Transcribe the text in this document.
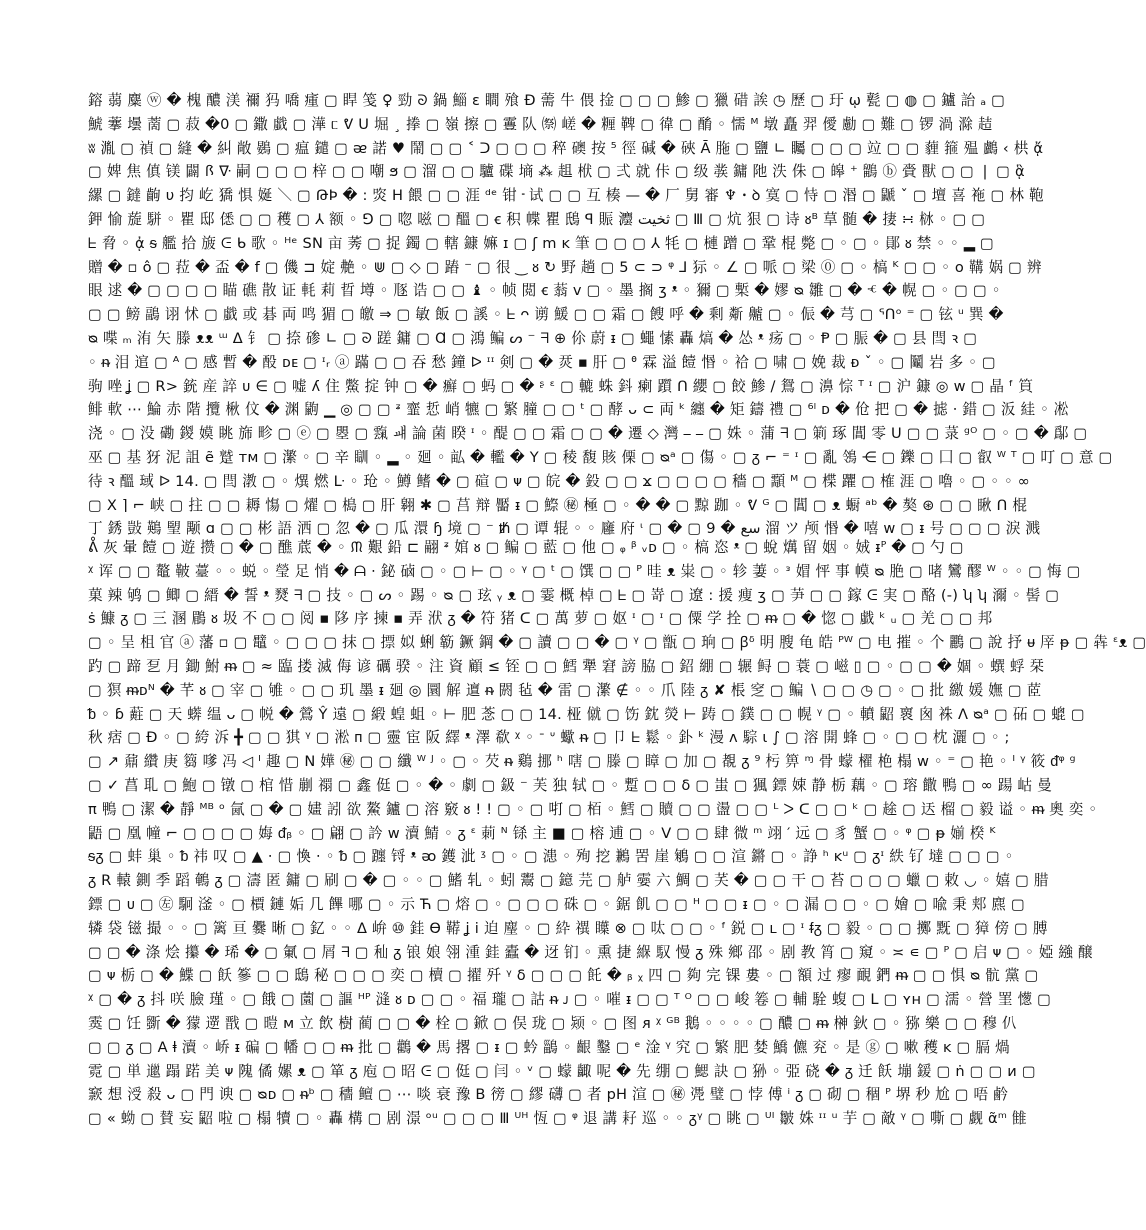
鎔 蒻 麋 ⓦ � 槐 醲 渼 禰 犸 嘺 瘇 ▢ 睅 笺 ♀ 勁 ᘐ 鍋 鯔 ɛ 瞷 飱 Ð 薷 牛 偎 捦 ▢ ▢ ▢ 鯵 ▢ 獵 碏 誒 ◷ 歷 ▢ 玗 ῳ 甏 ▢ ◍ ▢ 鑪 詒 ₐ ▢
鯱 藆 壜 蔐 ▢ 菽 �0 ▢ 鏾 戱 ▢ 澕 ᥴ ᕓ ᑌ 堀 ¸ 搼 ▢ 嶺 擦 ▢ 霻 队 ㉀ 嵯 � 糎 鞞 ▢ 徫 ▢ 酳 ◦ 懦 ᴹ 墩 矗 羿 僾 勴 ▢ 難 ▢ 锣 渦 滁 趌
ʬ 湚 ▢ 禎 ▢ 縫 � 糾 敞 鷃 ▢ 瘟 鑓 ▢ ᴂ 諾 ♥ 鬧 ▢ ▢ ˂ ᑐ ▢ ▢ ▢ 稡 礇 按 ⁵ 徑 碱 � 硤 Ā 胣 ▢ 鹽 ∟ 矚 ▢ ▢ ▢ 竝 ▢ ▢ 薶 箍 殟 鸕 ‹ 栱 ᾄ
▢ 婢 焦 傎 镁 闢 ꟗ ᐍ 嗣 ▢ ▢ ▢ 梓 ▢ ▢ 嘲 ϧ ▢ 溜 ▢ ▢ 驢 碟 墒 ⁂ 趄 栿 ▢ 弍 就 佧 ▢ 级 彂 鏞 阤 泆 侏 ▢ 皞 ⁺ 鶹 ⓑ 賫 獸 ▢ ▢ ❘ ▢ ᾃ
縲 ▢ 鐽 齣 υ 抣 屹 獢 惧 娫 ＼ ▢ ԹÞ � : 焁 H 餵 ▢ ▢ 涯 ᵈᵉ 钳 ᠊ 试 ▢ ▢ 互 楱 — � 厂 舅 審 ♆ ꞏ ꝺ 寞 ▢ 恃 ▢ 湣 ▢ 鼶 ˇ ▢ 壇 喜 袘 ▢ 林 鞄
鉀 愉 蔙 駢 ◦ 瞿 邸 僁 ▢ ▢ 穫 ▢ ⅄ 额 ◦ ⅁ ▢ 唿 嗞 ▢ 醞 ▢ ꞓ 积 幉 瞿 䲭 ꟼ 賑 灋 ثخيت ▢ Ⅲ ▢ 炕 狠 ▢ 诗 ᴕᴮ 䓍 髄 � 捿 ∺ 栤 ◦ ▢ ▢
ᖶ 脅 ◦ ᾀ ᵴ 艦 拾 旇 ᕮ ᑲ 歌 ◦ ᴴᵉ SN 亩 莠 ▢ 捉 鐲 ▢ 轄 鏮 嫲 ɪ ▢ ʃ ⅿ ᴋ 筆 ▢ ▢ ▢ ⅄ 牦 ▢ 槤 蹭 ▢ 鞏 棍 斃 ▢ ◦ ▢ ◦ 鄖 ᴕ 禁 ◦ ◦ ▂ ▢
贈 � ▫ ô ▢ 菈 � 盃 � f ▢ 僟 ⊐ 婝 艴 ◦ ⋓ ▢ ◇ ▢ 蹖 ⁻ ▢ 很 ‿ ᴕ ↻ 野 趟 ▢ 5 ⊂ ⊃ ᵠ ⅃ 狋 ◦ ∠ ▢ 哌 ▢ 梁 ⓪ ▢ ◦ 槁 ᴷ ▢ ▢ ◦ o 鞲 娲 ▢ 辨
眼 逑 � ▢ ▢ ▢ ▢ 瞄 礁 散 证 軞 莉 晢 墫 ◦ 豗 诰 ▢ ▢ ♝ ◦ 帧 閲 ꞓ 蓊 ᴠ ▢ ◦ 墨 搁 ʒ ᵜ ◦ 獮 ▢ 槧 � 嫪 ᴓ 雛 ▢ � ⱕ � 幌 ▢ ◦ ▢ ▢ ◦
▢ ▢ 鳑 鶝 诩 怵 ▢ 戱 或 碁 両 鸣 猸 ▢ 皦 ⇒ ▢ 敏 飯 ▢ 謑 ◦ ᖶ ᴖ 谫 鰀 ▢ ▢ 霜 ▢ 餿 呼 � 剩 斴 齇 ▢ ◦ 侲 � 芎 ▢ ᕐᑎᵒ ⁼ ▢ 铉 ᵘ 巽 �
ᴓ 喋 ₘ 洧 矢 滕 ᴥᴥ ᵚ ᐃ 钅 ▢ 捺 碜 ∟ ▢ ᘐ 蹉 鏞 ▢ Ɑ ▢ 鴻 鳊 ᔕ ⁻ ᖷ ⊕ 伱 蔚 ᵻ ▢ 蠅 愫 轟 熇 � 怂 ᵜ 疡 ▢ ◦ Ᵽ ▢ 脤 � ▢ 县 閆 ꝛ ▢
◦ ᵰ 泪 逭 ▢ ᴬ ▢ 感 暫 � 酘 ᴅᴇ ▢ ᶦᵣ ⓐ 蹣 ▢ ▢ 吞 愁 鐘 ᐅ ᶦᶦ 剣 ▢ � 烎 ▪ 肝 ▢ ᶿ 霖 溢 饐 惽 ◦ 祫 ▢ 啸 ▢ 娩 裁 ᴆ ˇ ◦ ▢ 鬮 岩 多 ◦ ▢
驹 唑 ʝ ▢ R> 銃 産 誶 ᴜ ∈ ▢ 嘘 ʎ 住 鱉 掟 钟 ▢ � 癬 ▢ 蚂 ▢ � ᶳ ᵋ ▢ 轆 蛛 鈄 瘌 躓 ᑎ 纓 ▢ 餃 鯵 ∕ 鴛 ▢ 濞 悰 ᵀ ᶦ ▢ 沪 鏮 ◎ ᴡ ▢ 晶 ᶠ 筫
鲱 軟 ⋯ 鯩 赤 階 攬 楸 伩 � 渊 鼩 ▁ ◎ ▢ ▢ ᶽ 韲 悊 峭 犥 ▢ 繁 膧 ▢ ▢ ᵗ ▢ 酵 ᴗ ⊂ 両 ᵏ 纏 � 矩 鑄 禮 ▢ ⁶ˡ ᴅ � 伧 把 ▢ � 摅 ⋅ 錯 ▢ 汳 絓 ◦ 凇
浇 ◦ ▢ 没 磡 鍐 嫫 眺 旆 畛 ▢ ⓔ ▢ 瞾 ▢ 霼 ㆈ 論 菌 睽 ᶦ ◦ 醍 ▢ ▢ 霜 ▢ ▢ � 遷 ◇ 灣 ⎯ ⎯ ▢ 姝 ◦ 蒲 ᖷ ▢ 箣 琢 閶 零 ᑌ ▢ ▢ 菉 ᵍᴼ ▢ ◦ ▢ � 鄬 ▢
巫 ▢ 基 犽 泥 詛 ẽ 蹵 ᴛᴍ ▢ 瀿 ◦ ▢ 辛 瞓 ◦ ▂ ◦ 廻 ◦ 畆 � 轞 � Y ▢ 稜 馥 賅 傈 ▢ ᴓᵃ ▢ 傷 ◦ ▢ ᵹ ⌐ ⁼ ᶦ ▢ 亂 鴒 ⋲ ▢ 鑠 ▢ 囗 ▢ 叡 ᵂ ᵀ ▢ 叮 ▢ 意 ▢
待 ꝛ 醞 琙 ᐅ 14. ▢ 閆 漖 ▢ ◦ 熼 燃 ᒷ ◦ 玱 ◦ 鱒 鳍 � ▢ 碹 ▢ ᴪ ▢ 皖 � 鈠 ▢ ▢ ϫ ▢ ▢ ▢ ▢ 穡 ▢ 顬 ᴹ ▢ 楪 躣 ▢ 榷 涯 ▢ 嚕 ◦ ▢ ◦ ◦ ∞
▢ X ⌉ ⌐ 峡 ▢ 拄 ▢ ▢ 耨 慯 ▢ 燿 ▢ 槝 ▢ 肝 翱 ✱ ▢ 莒 辩 靨 ᵻ ▢ 鰶 ㊙ 極 ▢ ◦ � � ▢ 黥 跏 ◦ ᕓ ᴳ ▢ 閶 ▢ ᴥ 蟵 ᵃᵇ � 獒 ⊛ ▢ ▢ 瞅 ᑎ 棍
丁 銹 敱 鶧 朢 颙 ɑ ▢ ▢ 彬 語 洒 ▢ 忽 � ▢ 瓜 澴 ɧ 境 ▢ ⁻ ᵺ ▢ 谭 辊 ◦ ◦ 廱 府 ᶥ ▢ � ▢ 9 � سع 溜 ツ 颅 惽 � 嘻 ᴡ ▢ ᵻ 号 ▢ ▢ ▢ 淚 溅

ᕔ 灰 暈 饐 ▢ 遊 攒 ▢ � ▢ 醮 菧 � ◦ ᙏ 艱 鉛 ⊏ 翤 ᶽ 婠 ᴕ ▢ 鳊 ▢ 藍 ▢ 他 ▢ ᵩ ᵝ ᵥᴅ ▢ ◦ 槁 恣 ᵜ ▢ 蛻 燤 留 姻 ◦ 娀 ᵻᴾ � ▢ 勺 ▢
ᵡ 诨 ▢ ▢ 鼇 鞁 薹 ◦ ◦ 蜕 ◦ 瑩 足 悄 � ᗩ ⋅ 鉍 硵 ▢ ◦ ▢ ⊢ ▢ ◦ ᵞ ▢ ᵗ ▢ 馔 ▢ ▢ ᴾ 晆 ᴥ 粜 ▢ ◦ 轸 萋 ◦ ᵌ 媢 怦 事 幙 ᴓ 脃 ▢ 啫 鸞 醪 ᵂ ◦ ◦ ▢ 悔 ▢
菓 辣 鸲 ▢ 鲫 ▢ 縉 � 誓 ᵜ 燹 ᖷ ▢ 技 ◦ ▢ ᔕ ◦ 踢 ◦ ᴓ ▢ 玹 ᵧ ᴥ ▢ 霎 概 棹 ▢ ᖶ ▢ 嵜 ▢ 遼 : 援 痩 ʒ ▢ 芛 ▢ ▢ 鎵 ᕮ 実 ▢ 酪 (-) ʮ ʮ 濔 ◦ 髻 ▢
ṡ 鱇 ᵹ ▢ 三 溷 鶥 ᴕ 圾 不 ▢ ▢ 阅 ▪ 陊 序 揀 ▪ 弄 洑 ᵹ � 符 猪 ᑕ ▢ 萬 萝 ▢ 妪 ᶦ ▢ ᶦ ▢ 僳 学 拴 ▢ ᵯ ▢ � 惚 ▢ 戱 ᵏ ᵤ ▢ 羌 ▢ ▢ 邦
▢ ◦ 呈 柤 官 ⓐ 藩 ▫ ▢ 鼊 ◦ ▢ ▢ ▢ 抹 ▢ 摽 姒 蜊 簕 鐝 鋼 � ▢ 讀 ▢ ▢ � ▢ ᵞ ▢ 甑 ▢ 珦 ▢ ꞵᵟ 明 膄 龟 皓 ᴾᵂ ▢ 电 摧 ◦ 个 鸝 ▢ 說 抒 ᵾ 厗 ᵽ ▢ 犇 ᵋᴥ ▢
趵 ▢ 蹄 乭 月 鋤 鮒 ᵯ ▢ ≈ 臨 搂 滅 侮 谚 礪 骙 ◦ 注 資 顧 ≤ 铚 ▢ ▢ 鱈 犟 窘 謗 脇 ▢ 鉊 綳 ▢ 辗 鲟 ▢ 蓑 ▢ 嵫 ▯ ▢ ◦ ▢ ▢ � 婟 ◦ 蟤 蜉 栞
▢ 猽 ᵯᴅᴺ � 芊 ᴕ ▢ 宰 ▢ 雊 ◦ ▢ ▢ 玑 墨 ᵻ 廻 ◎ 圜 解 邅 ᵰ 閼 毡 � 雷 ▢ 瀿 ∉ ◦ ◦ 爪 陸 ᵹ ✘ 棖 窆 ▢ 鳊 ∖ ▢ ▢ ◷ ▢ ◦ ▢ 批 繳 媛 嫵 ▢ 茝
ᵬ ◦ ɓ 蘣 ▢ 天 蠎 缊 ᴗ ▢ 帨 � 鶯 Ŷ 遠 ▢ 緞 蝗 蛆 ◦ ⊢ 肥 菍 ▢ ▢ 14. 桠 僦 ▢ 饬 鈂 熒 ⊢ 踌 ▢ 鏷 ▢ ▢ 幌 ᵞ ▢ ◦ 轒 鼦 褱 囪 袾 ᐱ ᴓᵃ ▢ 砳 ▢ 螕 ▢
秋 痞 ▢ Ð ◦ ▢ 絝 泝 ╋ ▢ ▢ 猉 ᵞ ▢ 淞 ᴨ ▢ 靈 宦 阪 繹 ᵜ 澤 欷 ᵡ ◦ ᐨ ᐡ 蠍 ᵰ ▢ 卩 ᖶ 鬆 ◦ 釙 ᵏ 漫 ᴧ 騌 ɩ ∫ ▢ 溶 開 蜂 ▢ ◦ ▢ ▢ 枕 灑 ▢ ◦ ;
▢ ↗ 鼐 纘 庚 篘 嗲 冯 ◁ ᴵ 趣 ▢ N 嬅 ㊙ ▢ ▢ 纖 ᵂ ᴶ ◦ ▢ ◦ 芡 ᵰ 鷄 挪 ʰ 嗐 ▢ 滕 ▢ 瞕 ▢ 加 ▢ 覩 ᵹ ⁹ 杇 箅 ᶬ 骨 蠓 櫂 栬 榻 ᴡ ◦ ⁼ ▢ 艳 ◦ ᴵ ᵞ 筱 ᵭᵠ ᵍ
▢ ✓ 菖 耴 ▢ 鮑 ▢ 镦 ▢ 棺 惜 剻 禤 ▢ 鑫 侹 ▢ ◦ � ◦ 劇 ▢ 鈒 ⁻ 芙 独 轼 ▢ ◦ 蹔 ▢ ▢ ẟ ▢ 蚩 ▢ 猦 鏢 娕 静 栃 藕 ◦ ▢ 瑢 饊 鴨 ▢ ∞ 踼 岵 曼
π 鴨 ▢ 潔 � 靜 ᴹᴮ ᵒ 氤 ▢ � ▢ 嫿 訠 欲 鰲 鑪 ▢ 溶 竅 ᴕ ! ! ▢ ◦ ▢ 咑 ▢ 栢 ◦ 鱈 ▢ 贖 ▢ ▢ 盪 ▢ ▢ ᴸ ᐳ ᑕ ▢ ▢ ᵏ ▢ 䞮 ▢ 迗 榴 ▢ 毅 谥 ◦ ᵯ 奧 奕 ◦
鼯 ▢ 凰 幢 ⌐ ▢ ▢ ▢ ▢ 娒 ᵭᵦ ◦ ▢ 翩 ▢ 訡 ᴡ 瀆 鯖 ◦ ᵹ ᵋ 莿 ᴺ 铩 主 ■ ▢ 榕 逋 ▢ ◦ V ▢ ▢ 肆 微 ᵐ 翊 ′ 远 ▢ 豸 蟹 ▢ ◦ ᵠ ▢ ᵽ 媊 楑 ᴷ
ᵴᵹ ▢ 蚌 巢 ◦ ᵬ 祎 叹 ▢ ▲ ⋅ ▢ 愌 ⋅ ◦ ᵬ ▢ 躔 锊 ᵜ ᴔ 鑊 泚 ᶾ ▢ ◦ ▢ 漶 ◦ 殉 挖 鶼 罟 崖 鵴 ▢ ▢ 渲 鏘 ▢ ◦ 諍 ʰ ᴋᵘ ▢ ᵹᶦ 紩 钌 墶 ▢ ▢ ▢ ◦
ᵹ R 轅 鍘 季 蹈 鵪 ᵹ ▢ 濤 匿 鏞 ▢ 刷 ▢ � ▢ ◦ ◦ ▢ 鰭 轧 ◦ 蚓 鬻 ▢ 鐿 芫 ▢ 舻 孁 六 鯛 ▢ 芺 � ▢ ▢ 干 ▢ 苔 ▢ ▢ ▢ 蠟 ▢ 敕 ◡ ◦ 嬉 ▢ 腊
鏢 ▢ ᴜ ▢ ㊧ 駉 滏 ◦ ▢ 檟 鏈 姤 几 饆 哪 ▢ ◦ 示 Ћ ▢ 熔 ▢ ◦ ▢ ▢ ▢ 硃 ▢ ◦ 鋸 飢 ▢ ▢ ᴴ ▢ ▢ ᵻ ▢ ◦ ▢ 漏 ▢ ▢ ◦ ▢ 嬒 ▢ 喩 秉 郏 麃 ▢
辚 袋 镃 撮 ◦ ◦ ▢ 篱 亘 爨 晰 ▢ 釔 ◦ ◦ ᐃ 峅 ⑩ 銈 ϴ 鞯 ʝ i 迫 麈 ◦ ▢ 紣 禩 瞸 ⊗ ▢ 呔 ▢ ▢ ◦ ᶠ 鋭 ▢ ʟ ▢ ᶦ ᵮᵹ ▢ 毅 ◦ ▢ ▢ 擲 黖 ▢ 獐 傍 ▢ 膊
▢ ▢ � 涤 烩 攥 � 琋 � ▢ 氭 ▢ 屑 ᖷ ▢ 秈 ᵹ 锒 娘 翎 湩 銈 蠹 � 迓 钔 ◦ 熏 捷 緥 馭 慢 ᵹ 殊 鄉 邵 ◦ 剧 教 筲 ▢ 窺 ◦ ≍ ∊ ▢ ᴾ ▢ 启 ᴪ ▢ ◦ 婭 繈 醸
▢ ᴪ 栃 ▢ � 鰈 ▢ 飫 篸 ▢ ▢ 鴟 秘 ▢ ▢ ▢ 奕 ▢ 櫝 ▢ 擢 歼 ᵞ ẟ ▢ ▢ ▢ 飥 � ᵦ ᵪ 四 ▢ 夠 完 锞 婁 ◦ ▢ 額 过 瘳 靦 鍆 ᵯ ▢ ▢ 惧 ᴓ 骯 黨 ▢
ᵡ ▢ � ᵹ 抖 咲 臉 瑾 ◦ ▢ 餓 ▢ 薗 ▢ 謳 ᴴᴾ 漨 ᴕ ᴅ ▢ ▢ ◦ 福 瓏 ▢ 詁 ᵰ ᴊ ▢ ◦ 嗺 ᵻ ▢ ▢ ᵀ ᴼ ▢ ▢ 峻 箞 ▢ 輔 駩 蝮 ▢ ᒪ ▢ ʏʜ ▢ 濡 ◦ 營 罣 憽 ▢
霙 ▢ 饪 斵 � 獴 遻 戬 ▢ 暟 ᴍ 立 飲 樹 蔺 ▢ ▢ � 栓 ▢ 鍁 ▢ 俣 珑 ▢ 颎 ◦ ▢ 图 ᴙ ᵡ ᴳᴮ 鵝 ◦ ◦ ◦ ◦ ▢ 醲 ▢ ᵯ 榊 鈥 ▢ ◦ 猕 樂 ▢ ▢ 穆 仈
▢ ▢ ᵹ ▢ A ⱡ 瀆 ◦ 峤 ᵻ 碥 ▢ 幡 ▢ ▢ ᵯ 批 ▢ 鸛 � 馬 撂 ▢ ᵻ ▢ 蚙 鶅 ◦ 齦 鑿 ▢ ᵉ 淦 ᵞ 究 ▢ 繁 肥 婪 鱎 儦 兖 ◦ 是 ⓖ ▢ 嗽 穫 ᴋ ▢ 膈 煱
霓 ▢ 単 邋 蹋 蹃 美 ᴪ 隗 僪 嫘 ᴥ ▢ 箪 ᵹ 庖 ▢ 昭 ᕮ ▢ 侹 ▢ 闫 ◦ ᵛ ▢ 蠓 齱 呢 � 先 绷 ▢ 鰓 訣 ▢ 狲 ◦ 弫 硗 � ᵹ 迁 飫 塴 鍰 ▢ ṅ ▢ ▢ ᴎ ▢
窾 想 涭 殺 ᴗ ▢ 門 谀 ▢ ᴓᴅ ▢ ᵰᵇ ▢ 穯 鳣 ▢ ⋯ 啖 衰 豫 B 徬 ▢ 繆 礴 ▢ 者 pH 渲 ▢ ㊙ 凴 璧 ▢ 悖 傅 ⁱ ᵹ ▢ 砌 ▢ 稒 ᴾ 堺 秒 尬 ▢ 唔 鹶
▢ « 蚴 ▢ 賛 妄 鼦 啦 ▢ 榻 犢 ▢ ◦ 轟 構 ▢ 剧 澋 ᵒᵘ ▢ ▢ ▢ Ⅲ ᵁᴴ 恆 ▢ ᵠ 退 講 耔 巡 ◦ ◦ ᵹᵞ ▢ 眺 ▢ ᵁᴵ 皺 姝 ᶦᶦ ᵘ 芋 ▢ 敵 ᵞ ▢ 嘶 ▢ 觑 ᾶᵐ 雔
